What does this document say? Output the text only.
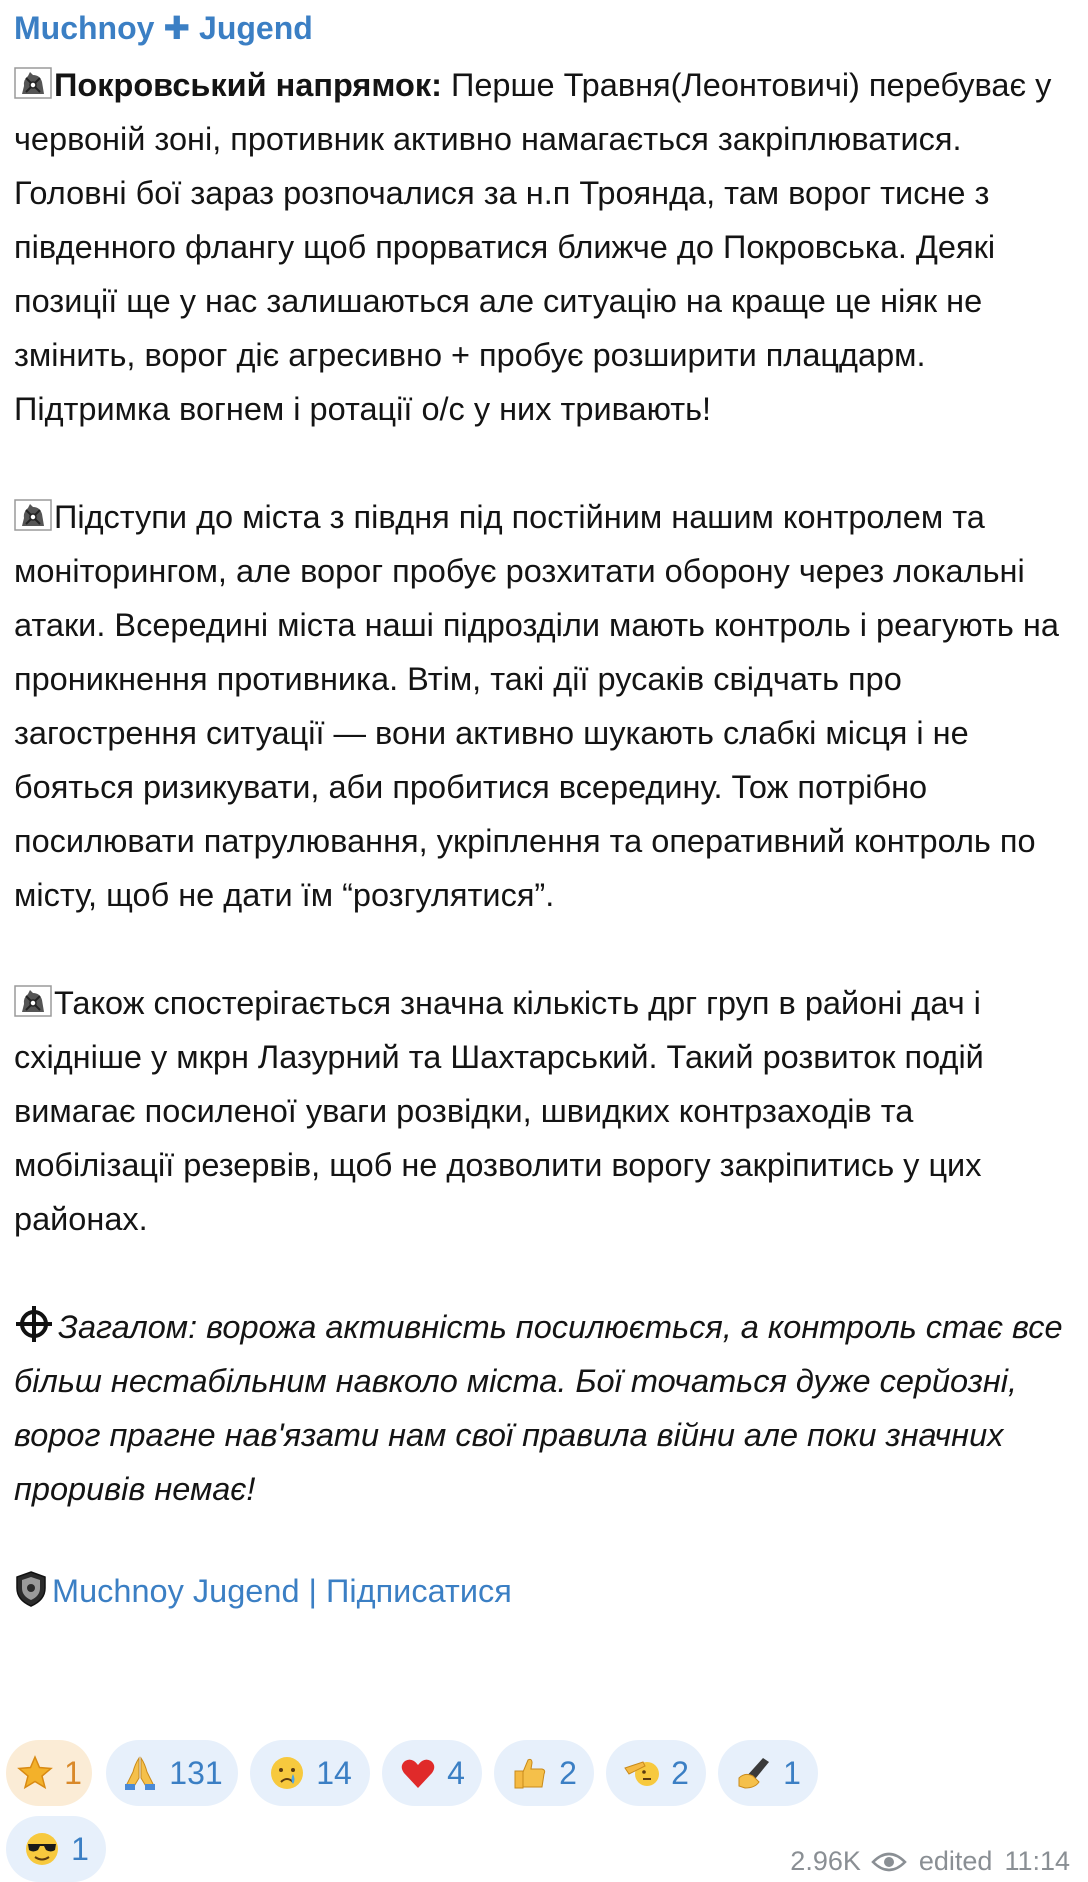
Muchnoy ✚ Jugend
Покровський напрямок: Перше Травня(Леонтовичі) перебуває у червоній зоні, противник активно намагається закріплюватися. Головні бої зараз розпочалися за н.п Троянда, там ворог тисне з південного флангу щоб прорватися ближче до Покровська. Деякі позиції ще у нас залишаються але ситуацію на краще це ніяк не змінить, ворог діє агресивно + пробує розширити плацдарм.
Підтримка вогнем і ротації о/с у них тривають!
Підступи до міста з півдня під постійним нашим контролем та моніторингом, але ворог пробує розхитати оборону через локальні атаки. Всередині міста наші підрозділи мають контроль і реагують на проникнення противника. Втім, такі дії русаків свідчать про загострення ситуації — вони активно шукають слабкі місця і не бояться ризикувати, аби пробитися всередину. Тож потрібно посилювати патрулювання, укріплення та оперативний контроль по місту, щоб не дати їм “розгулятися”.
Також спостерігається значна кількість дрг груп в районі дач і східніше у мкрн Лазурний та Шахтарський. Такий розвиток подій вимагає посиленої уваги розвідки, швидких контрзаходів та мобілізації резервів, щоб не дозволити ворогу закріпитись у цих районах.
Загалом: ворожа активність посилюється, а контроль стає все більш нестабільним навколо міста. Бої точаться дуже серйозні, ворог прагне нав'язати нам свої правила війни але поки значних проривів немає!
Muchnoy Jugend | Підписатися
1	131	14	4	2	2	1
1	2.96K edited 11:14
